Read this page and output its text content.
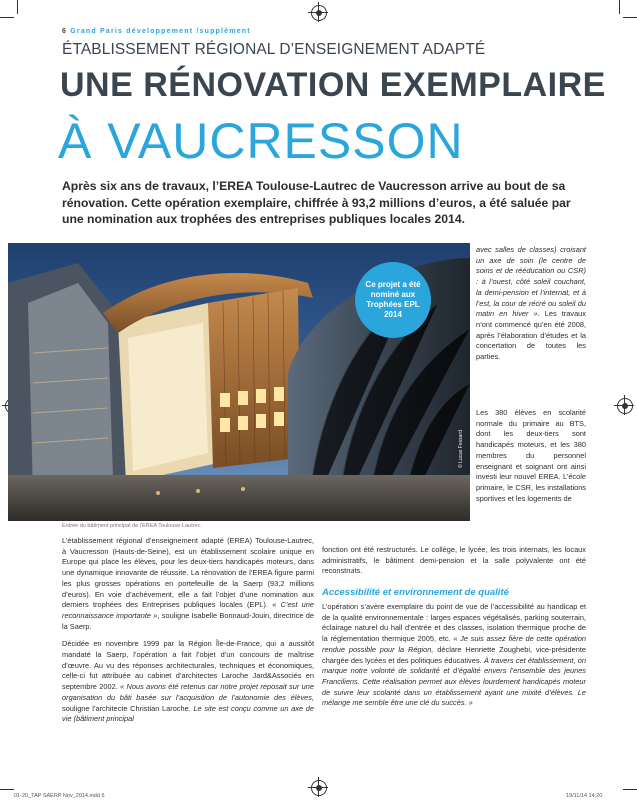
6 Grand Paris développement /supplément
ÉTABLISSEMENT RÉGIONAL D’ENSEIGNEMENT ADAPTÉ
UNE RÉNOVATION EXEMPLAIRE
À VAUCRESSON
Après six ans de travaux, l’EREA Toulouse-Lautrec de Vaucresson arrive au bout de sa rénovation. Cette opération exemplaire, chiffrée à 93,2 millions d’euros, a été saluée par une nomination aux trophées des entreprises publiques locales 2014.
Ce projet a été nominé aux Trophées EPL 2014
© Lucas Fessard
Entrée du bâtiment principal de l’EREA Toulouse-Lautrec.

avec salles de classes) croisant un axe de soin (le centre de soins et de rééducation ou CSR) : à l’ouest, côté soleil couchant, la demi-pension et l’internat, et à l’est, la cour de récré ou soleil du matin en hiver ». Les travaux n’ont commencé qu’en été 2008, après l’élaboration d’études et la concertation de toutes les parties.

Les 380 élèves en scolarité normale du primaire au BTS, dont les deux-tiers sont handicapés moteurs, et les 380 membres du personnel enseignant et soignant ont ainsi investi leur nouvel EREA. L’école primaire, le CSR, les installations sportives et les logements de

L’établissement régional d’enseignement adapté (EREA) Toulouse-Lautrec, à Vaucresson (Hauts-de-Seine), est un établissement scolaire unique en Europe qui place les élèves, pour les deux-tiers handicapés moteurs, dans une dynamique innovante de réussite. La rénovation de l’EREA figure parmi les plus grosses opérations en portefeuille de la Saerp (93,2 millions d’euros). En voie d’achèvement, elle a fait l’objet d’une nomination aux derniers trophées des Entreprises publiques locales (EPL). « C’est une reconnaissance importante », souligne Isabelle Bonnaud-Jouin, directrice de la Saerp.

Décidée en novembre 1999 par la Région Île-de-France, qui a aussitôt mandaté la Saerp, l’opération a fait l’objet d’un concours de maîtrise d’œuvre. Au vu des réponses architecturales, techniques et économiques, celle-ci fut attribuée au cabinet d’architectes Laroche Jard&Associés en septembre 2002. « Nous avons été retenus car notre projet reposait sur une organisation du bâti basée sur l’acquisition de l’autonomie des élèves, souligne l’architecte Christian Laroche. Le site est conçu comme un axe de vie (bâtiment principal

fonction ont été restructurés. Le collège, le lycée, les trois internats, les locaux administratifs, le bâtiment demi-pension et la salle polyvalente ont été reconstruits.
Accessibilité et environnement de qualité
L’opération s’avère exemplaire du point de vue de l’accessibilité au handicap et de la qualité environnementale : larges espaces végétalisés, parking souterrain, éclairage naturel du hall d’entrée et des classes, isolation thermique proche de la réglementation thermique 2005, etc. « Je suis assez fière de cette opération rendue possible pour la Région, déclare Henriette Zoughebi, vice-présidente chargée des lycées et des politiques éducatives. À travers cet établissement, on marque notre volonté de solidarité et d’égalité envers l’ensemble des jeunes Franciliens. Cette réalisation permet aux élèves lourdement handicapés moteur de suivre leur scolarité dans un établissement ayant une mixité d’élèves. Le mélange me semble être une clé du succès. »
01-20_TAP SAERP Nov_2014.indd 6	19/11/14 14:20
